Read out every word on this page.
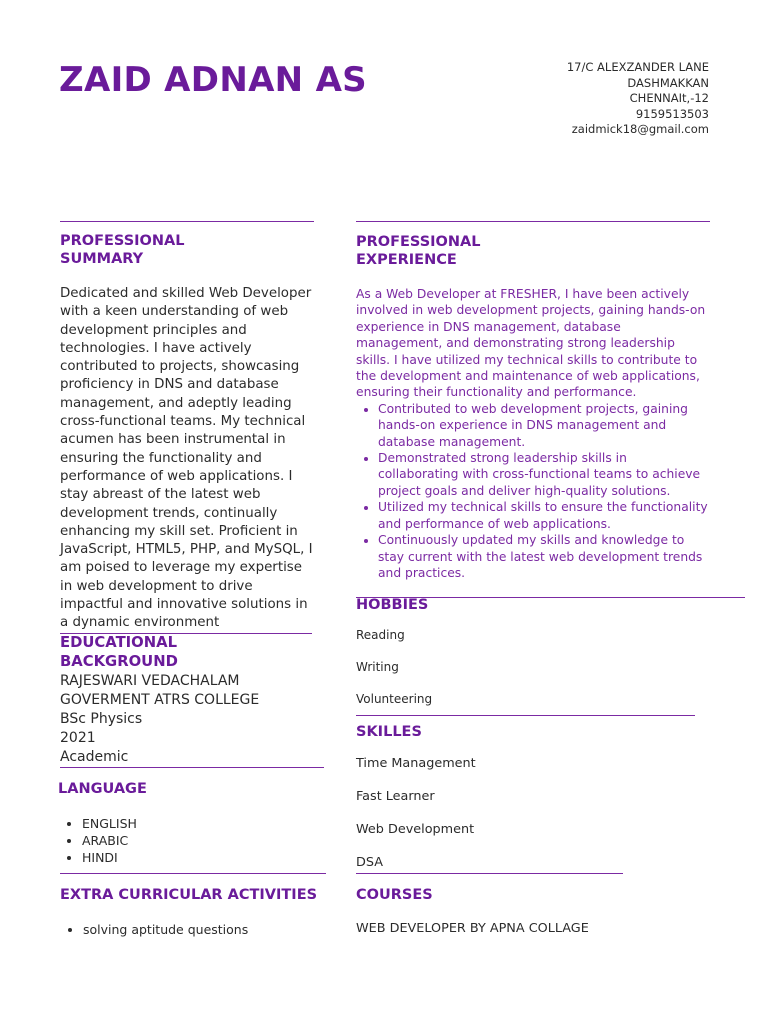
ZAID ADNAN AS	17/C ALEXZANDER LANE
DASHMAKKAN
CHENNAIt,-12
9159513503
zaidmick18@gmail.com
PROFESSIONAL
SUMMARY

Dedicated and skilled Web Developer with a keen understanding of web development principles and technologies. I have actively contributed to projects, showcasing proficiency in DNS and database management, and adeptly leading cross-functional teams. My technical acumen has been instrumental in ensuring the functionality and performance of web applications. I stay abreast of the latest web development trends, continually enhancing my skill set. Proficient in JavaScript, HTML5, PHP, and MySQL, I am poised to leverage my expertise in web development to drive impactful and innovative solutions in a dynamic environment

EDUCATIONAL
BACKGROUND
RAJESWARI VEDACHALAM
GOVERMENT ATRS COLLEGE
BSc Physics
2021
Academic
LANGUAGE
• ENGLISH
• ARABIC
• HINDI
EXTRA CURRICULAR ACTIVITIES
• solving aptitude questions
PROFESSIONAL
EXPERIENCE

As a Web Developer at FRESHER, I have been actively involved in web development projects, gaining hands-on experience in DNS management, database management, and demonstrating strong leadership skills. I have utilized my technical skills to contribute to the development and maintenance of web applications, ensuring their functionality and performance.

• Contributed to web development projects, gaining hands-on experience in DNS management and database management.
• Demonstrated strong leadership skills in collaborating with cross-functional teams to achieve project goals and deliver high-quality solutions.
• Utilized my technical skills to ensure the functionality and performance of web applications.
• Continuously updated my skills and knowledge to stay current with the latest web development trends and practices.
HOBBIES
Reading
Writing
Volunteering
SKILLES
Time Management
Fast Learner
Web Development
DSA
COURSES
WEB DEVELOPER BY APNA COLLAGE
